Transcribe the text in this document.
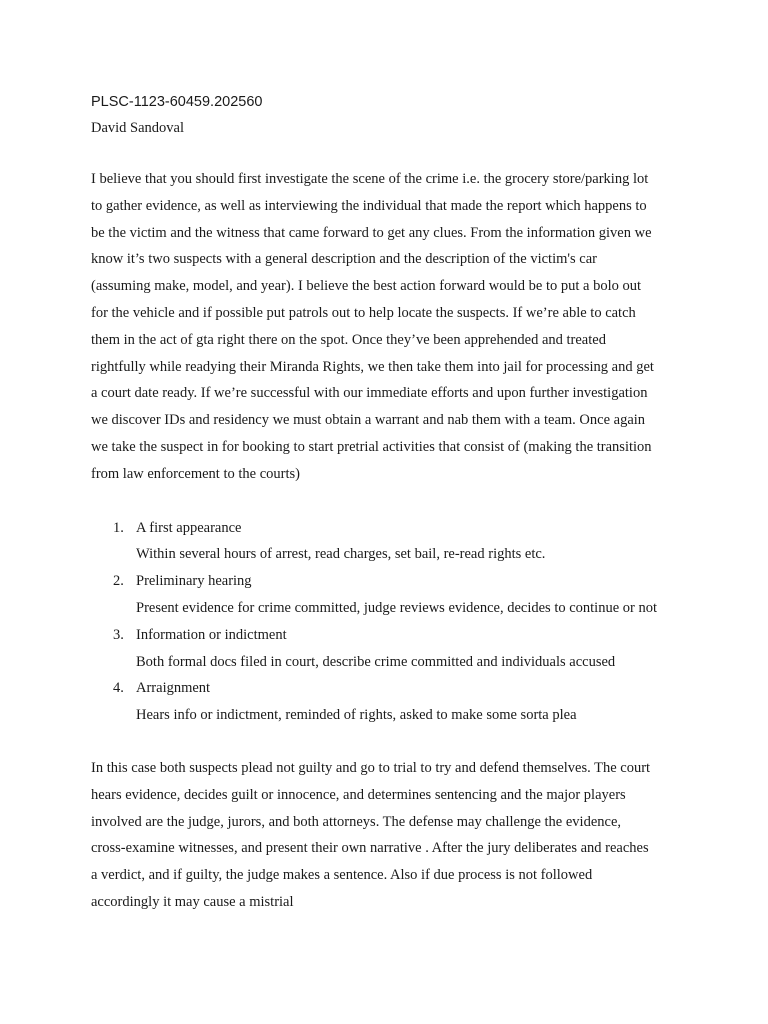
PLSC-1123-60459.202560

David Sandoval

I believe that you should first investigate the scene of the crime i.e. the grocery store/parking lot
to gather evidence, as well as interviewing the individual that made the report which happens to
be the victim and the witness that came forward to get any clues. From the information given we
know it’s two suspects with a general description and the description of the victim's car
(assuming make, model, and year). I believe the best action forward would be to put a bolo out
for the vehicle and if possible put patrols out to help locate the suspects. If we’re able to catch
them in the act of gta right there on the spot. Once they’ve been apprehended and treated
rightfully while readying their Miranda Rights, we then take them into jail for processing and get
a court date ready. If we’re successful with our immediate efforts and upon further investigation
we discover IDs and residency we must obtain a warrant and nab them with a team. Once again
we take the suspect in for booking to start pretrial activities that consist of (making the transition
from law enforcement to the courts)

1. A first appearance
Within several hours of arrest, read charges, set bail, re-read rights etc.
2. Preliminary hearing
Present evidence for crime committed, judge reviews evidence, decides to continue or not
3. Information or indictment
Both formal docs filed in court, describe crime committed and individuals accused
4. Arraignment
Hears info or indictment, reminded of rights, asked to make some sorta plea

In this case both suspects plead not guilty and go to trial to try and defend themselves. The court
hears evidence, decides guilt or innocence, and determines sentencing and the major players
involved are the judge, jurors, and both attorneys. The defense may challenge the evidence,
cross-examine witnesses, and present their own narrative . After the jury deliberates and reaches
a verdict, and if guilty, the judge makes a sentence. Also if due process is not followed
accordingly it may cause a mistrial
